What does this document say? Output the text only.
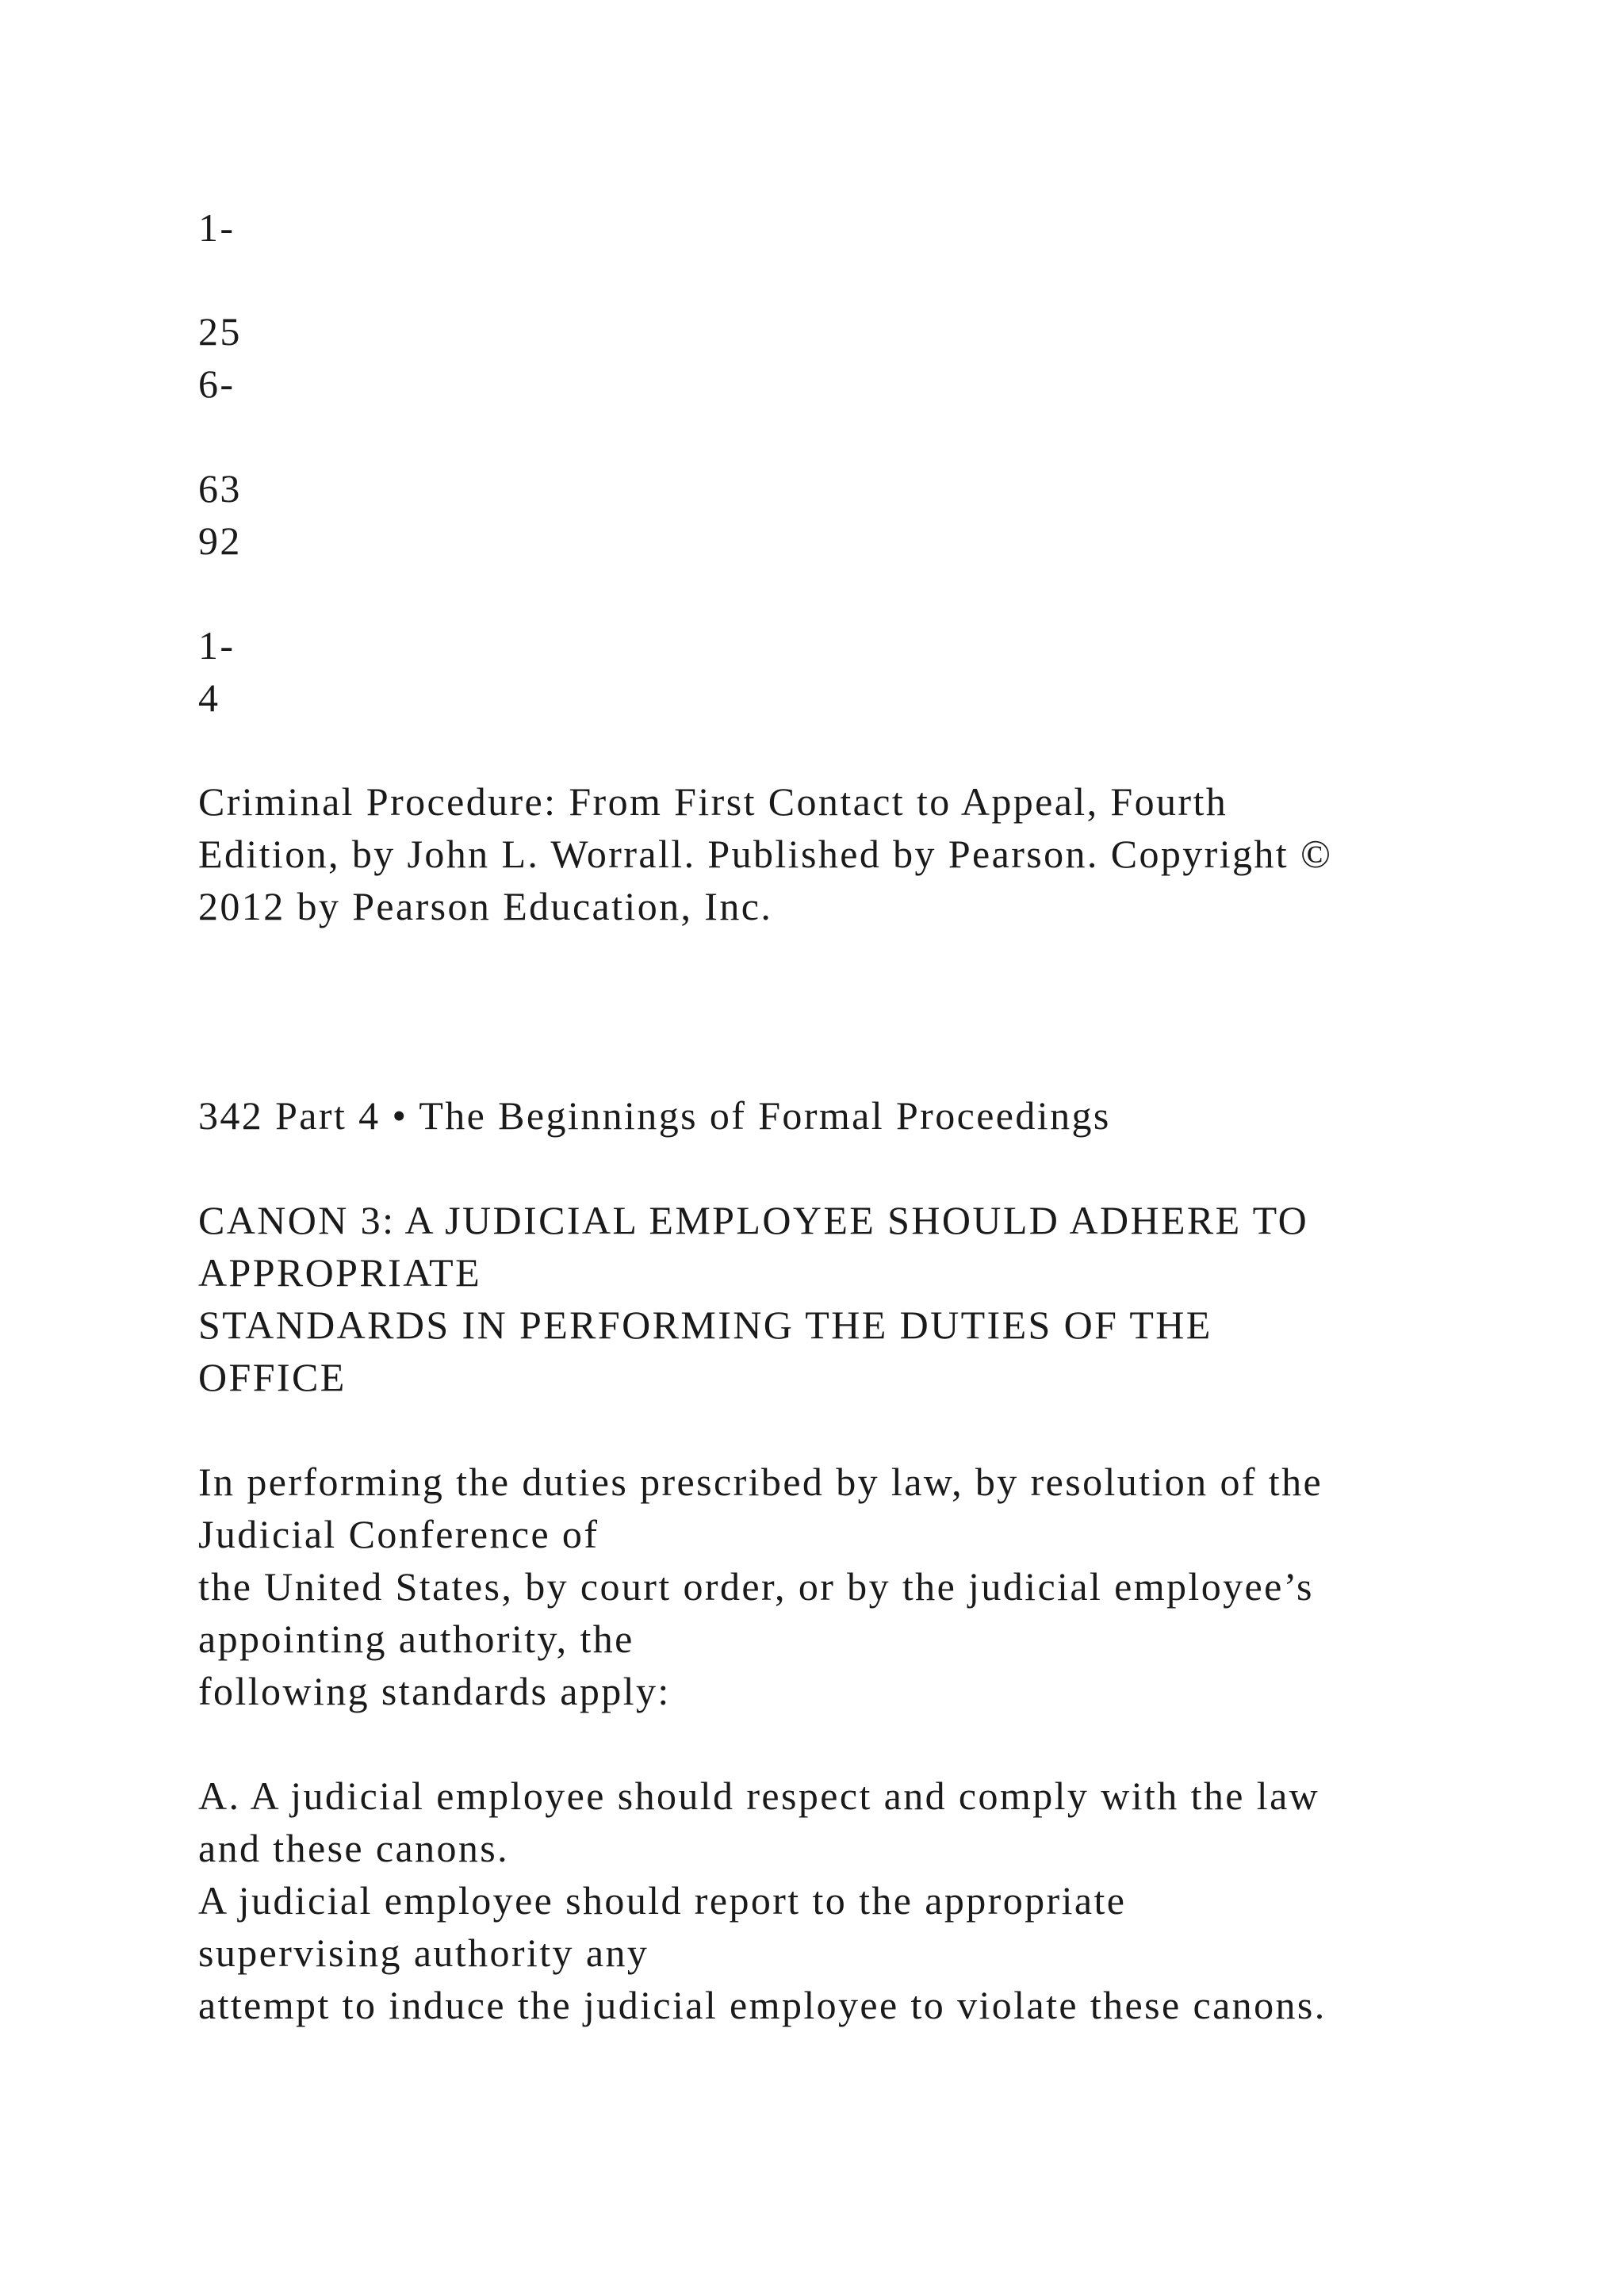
1-

25

6-

63

92

1-

4

Criminal Procedure: From First Contact to Appeal, Fourth

Edition, by John L. Worrall. Published by Pearson. Copyright ©

2012 by Pearson Education, Inc.

342 Part 4 • The Beginnings of Formal Proceedings

CANON 3: A JUDICIAL EMPLOYEE SHOULD ADHERE TO

APPROPRIATE

STANDARDS IN PERFORMING THE DUTIES OF THE

OFFICE

In performing the duties prescribed by law, by resolution of the

Judicial Conference of

the United States, by court order, or by the judicial employee’s

appointing authority, the

following standards apply:

A. A judicial employee should respect and comply with the law

and these canons.

A judicial employee should report to the appropriate

supervising authority any

attempt to induce the judicial employee to violate these canons.
